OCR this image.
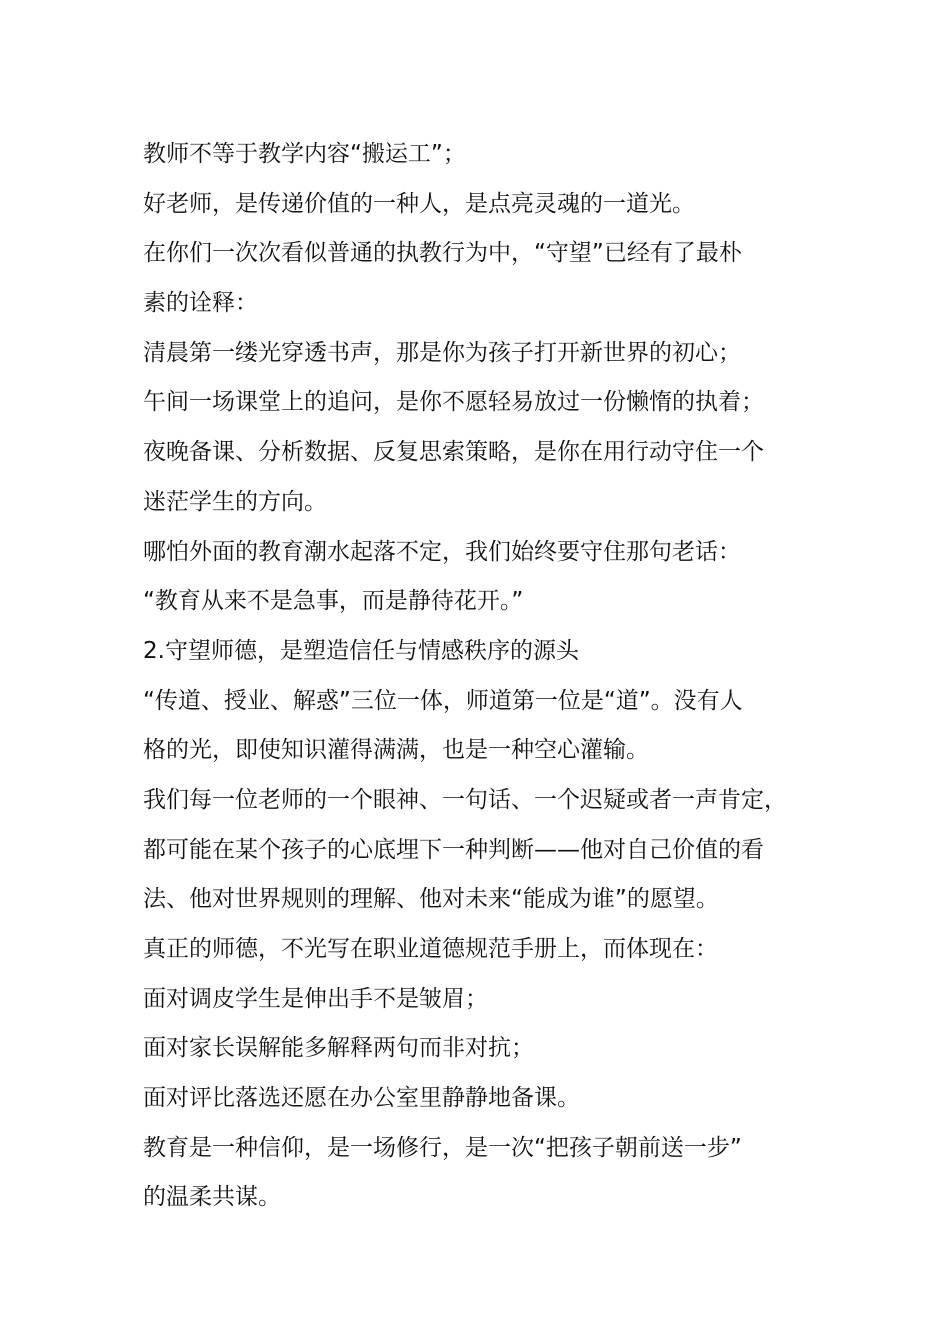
教师不等于教学内容“搬运工”；
好老师，是传递价值的一种人，是点亮灵魂的一道光。
在你们一次次看似普通的执教行为中，“守望”已经有了最朴
素的诠释：
清晨第一缕光穿透书声，那是你为孩子打开新世界的初心；
午间一场课堂上的追问，是你不愿轻易放过一份懒惰的执着；
夜晚备课、分析数据、反复思索策略，是你在用行动守住一个
迷茫学生的方向。
哪怕外面的教育潮水起落不定，我们始终要守住那句老话：
“教育从来不是急事，而是静待花开。”
2.守望师德，是塑造信任与情感秩序的源头
“传道、授业、解惑”三位一体，师道第一位是“道”。没有人
格的光，即使知识灌得满满，也是一种空心灌输。
我们每一位老师的一个眼神、一句话、一个迟疑或者一声肯定，
都可能在某个孩子的心底埋下一种判断——他对自己价值的看
法、他对世界规则的理解、他对未来“能成为谁”的愿望。
真正的师德，不光写在职业道德规范手册上，而体现在：
面对调皮学生是伸出手不是皱眉；
面对家长误解能多解释两句而非对抗；
面对评比落选还愿在办公室里静静地备课。
教育是一种信仰，是一场修行，是一次“把孩子朝前送一步”
的温柔共谋。
